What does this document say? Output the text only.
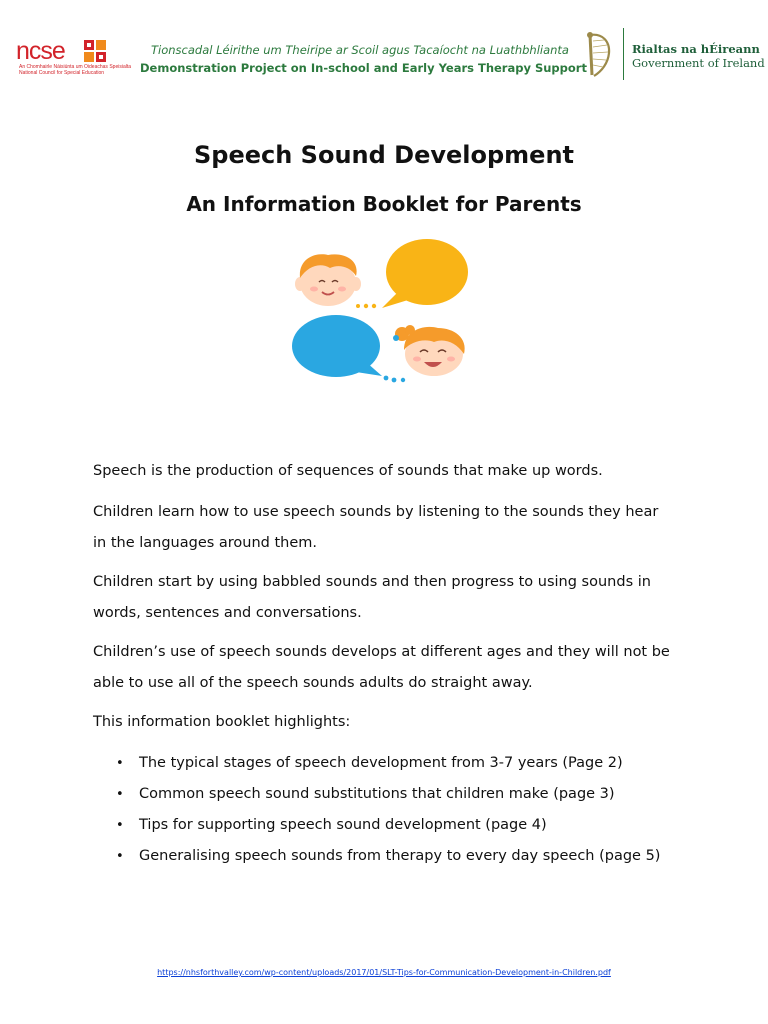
ncse
An Chomhairle Náisiúnta um Oideachas Speisialta
National Council for Special Education
Tionscadal Léirithe um Theiripe ar Scoil agus Tacaíocht na Luathbhlianta
Demonstration Project on In-school and Early Years Therapy Support
Rialtas na hÉireann
Government of Ireland
Speech Sound Development
An Information Booklet for Parents
Speech is the production of sequences of sounds that make up words.
Children learn how to use speech sounds by listening to the sounds they hear in the languages around them.
Children start by using babbled sounds and then progress to using sounds in words, sentences and conversations.
Children’s use of speech sounds develops at different ages and they will not be able to use all of the speech sounds adults do straight away.
This information booklet highlights:
• The typical stages of speech development from 3-7 years (Page 2)
• Common speech sound substitutions that children make (page 3)
• Tips for supporting speech sound development (page 4)
• Generalising speech sounds from therapy to every day speech (page 5)
https://nhsforthvalley.com/wp-content/uploads/2017/01/SLT-Tips-for-Communication-Development-in-Children.pdf
